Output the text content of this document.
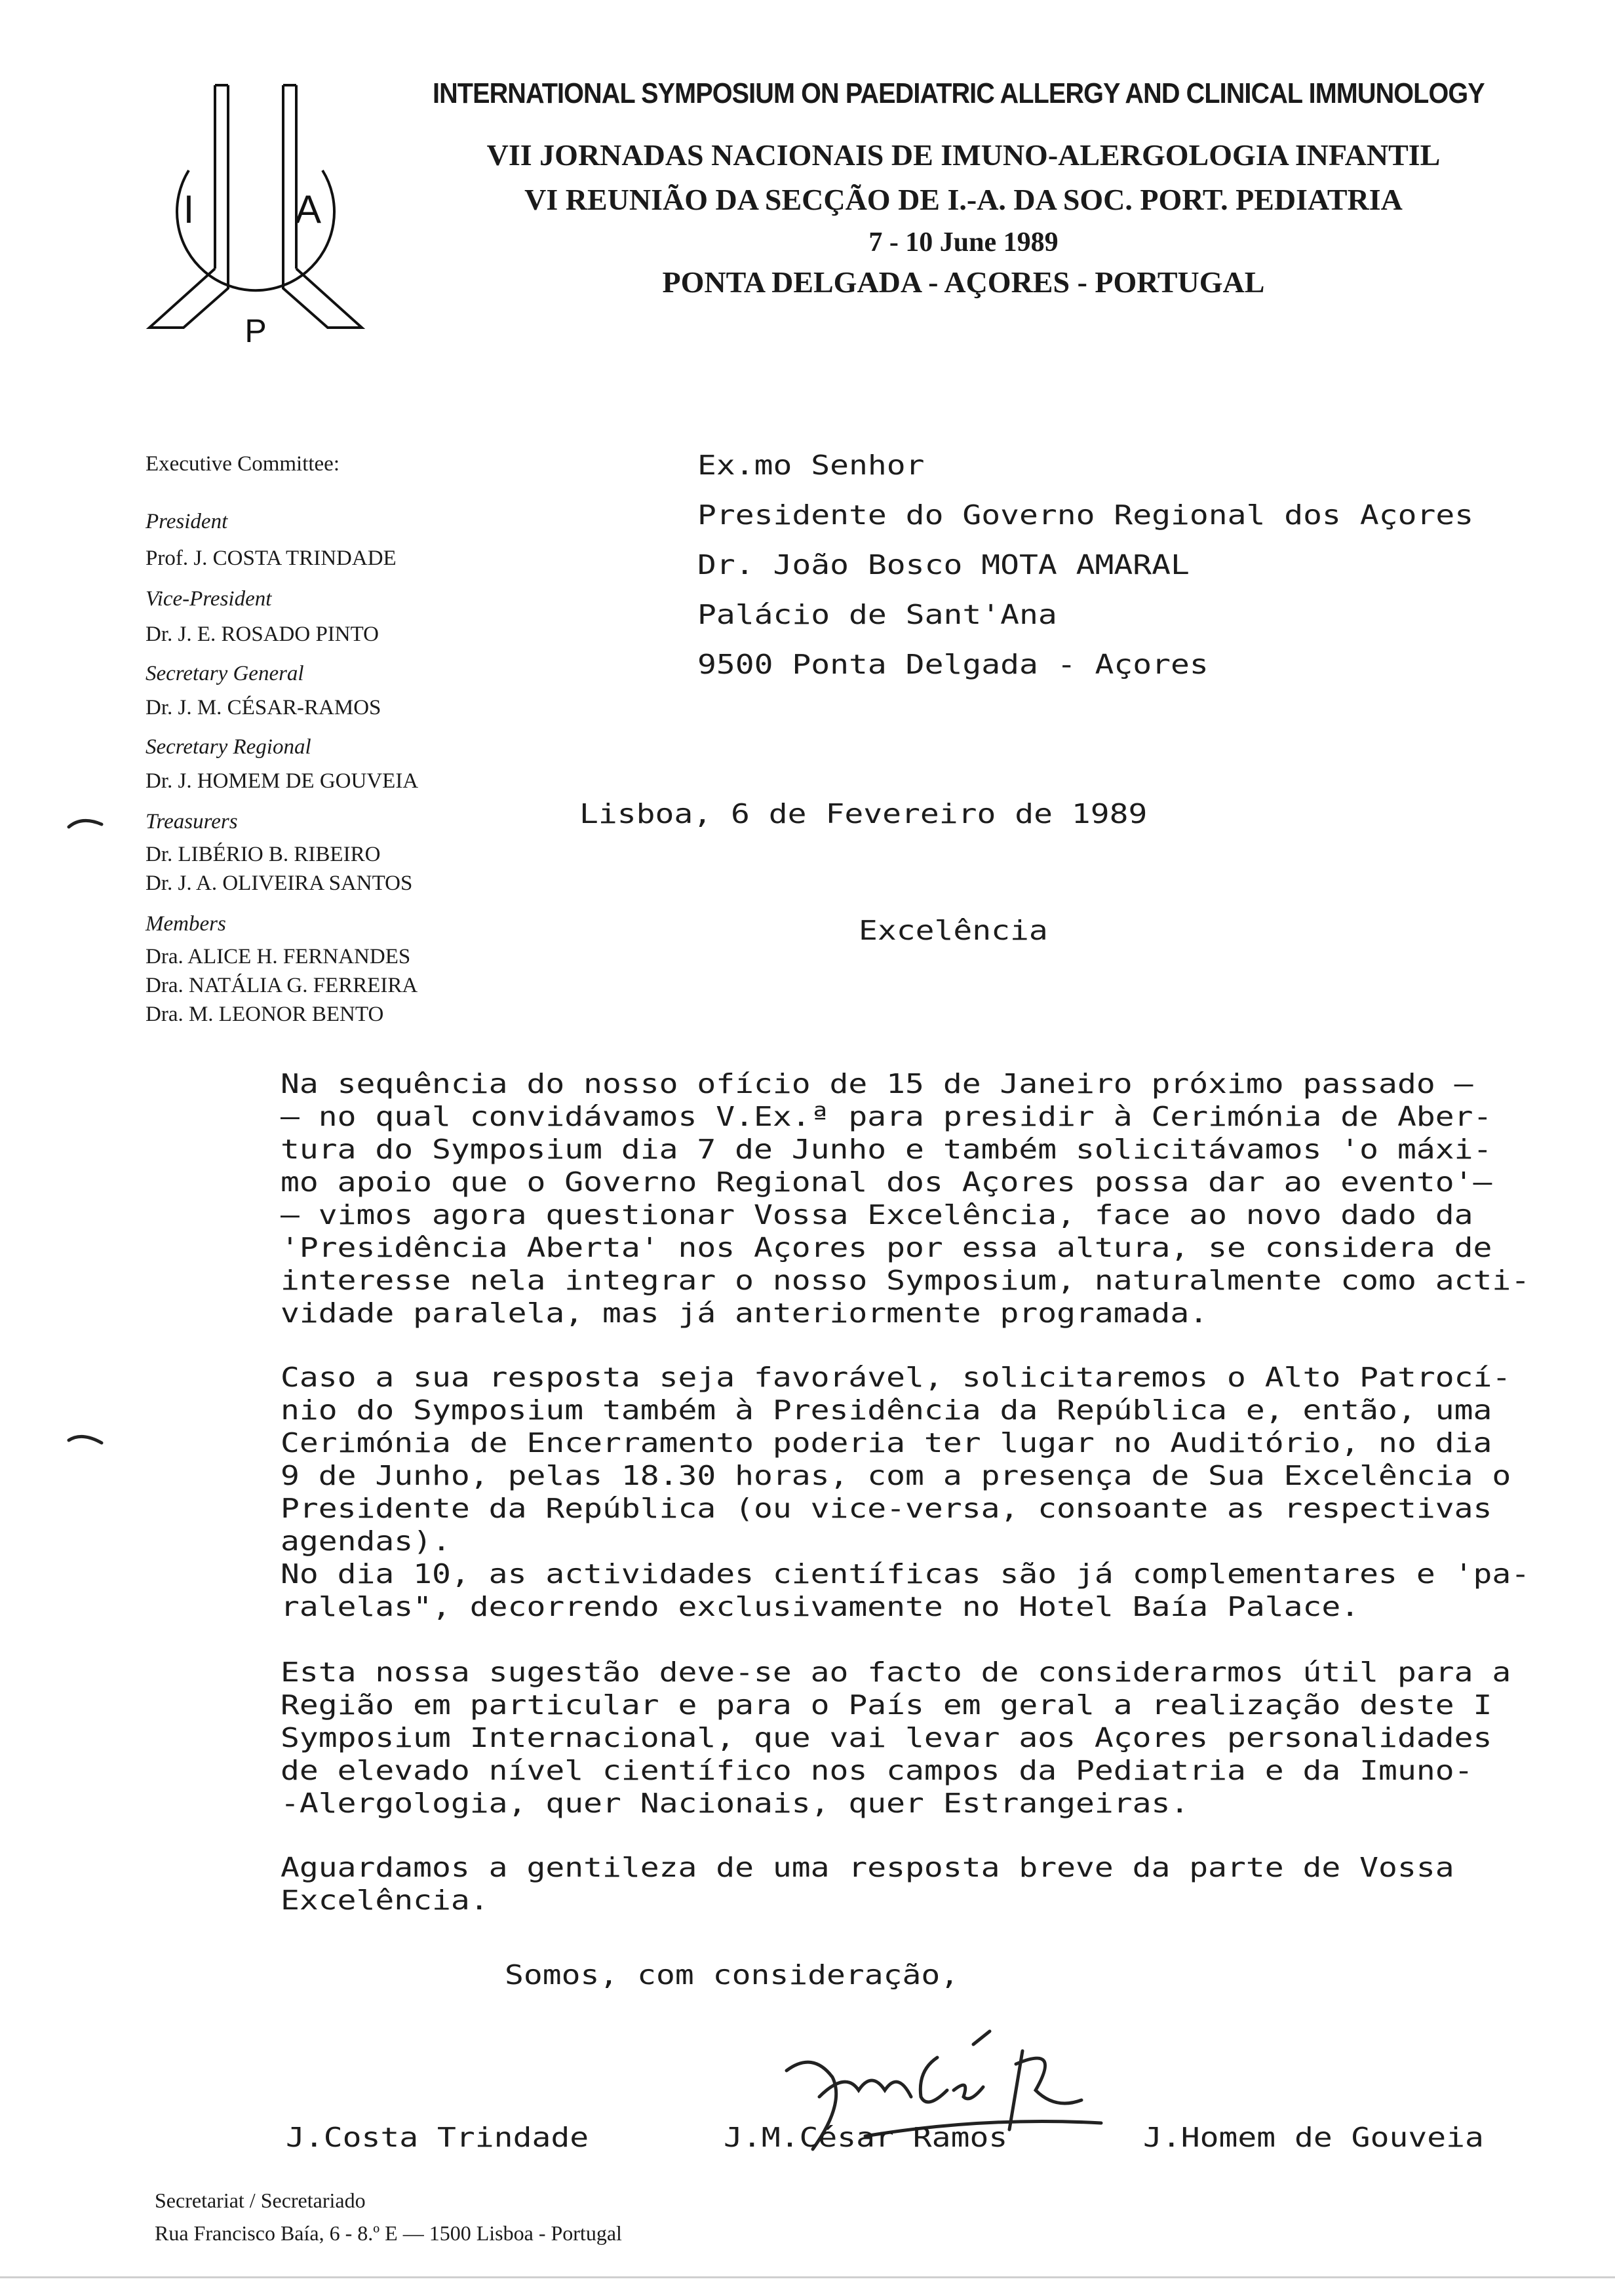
I	A
P
INTERNATIONAL SYMPOSIUM ON PAEDIATRIC ALLERGY AND CLINICAL IMMUNOLOGY
VII JORNADAS NACIONAIS DE IMUNO-ALERGOLOGIA INFANTIL
VI REUNIÃO DA SECÇÃO DE I.-A. DA SOC. PORT. PEDIATRIA
7 - 10 June 1989
PONTA DELGADA - AÇORES - PORTUGAL
Executive Committee:
President
Prof. J. COSTA TRINDADE
Vice-President
Dr. J. E. ROSADO PINTO
Secretary General
Dr. J. M. CÉSAR-RAMOS
Secretary Regional
Dr. J. HOMEM DE GOUVEIA
Treasurers
Dr. LIBÉRIO B. RIBEIRO
Dr. J. A. OLIVEIRA SANTOS
Members
Dra. ALICE H. FERNANDES
Dra. NATÁLIA G. FERREIRA
Dra. M. LEONOR BENTO
Ex.mo Senhor
Presidente do Governo Regional dos Açores
Dr. João Bosco MOTA AMARAL
Palácio de Sant'Ana
9500 Ponta Delgada - Açores
Lisboa, 6 de Fevereiro de 1989
Excelência
Na sequência do nosso ofício de 15 de Janeiro próximo passado —
— no qual convidávamos V.Ex.ª para presidir à Cerimónia de Aber-
tura do Symposium dia 7 de Junho e também solicitávamos 'o máxi-
mo apoio que o Governo Regional dos Açores possa dar ao evento'—
— vimos agora questionar Vossa Excelência, face ao novo dado da
'Presidência Aberta' nos Açores por essa altura, se considera de
interesse nela integrar o nosso Symposium, naturalmente como acti-
vidade paralela, mas já anteriormente programada.
Caso a sua resposta seja favorável, solicitaremos o Alto Patrocí-
nio do Symposium também à Presidência da República e, então, uma
Cerimónia de Encerramento poderia ter lugar no Auditório, no dia
9 de Junho, pelas 18.30 horas, com a presença de Sua Excelência o
Presidente da República (ou vice-versa, consoante as respectivas
agendas).
No dia 10, as actividades científicas são já complementares e 'pa-
ralelas", decorrendo exclusivamente no Hotel Baía Palace.
Esta nossa sugestão deve-se ao facto de considerarmos útil para a
Região em particular e para o País em geral a realização deste I
Symposium Internacional, que vai levar aos Açores personalidades
de elevado nível científico nos campos da Pediatria e da Imuno-
-Alergologia, quer Nacionais, quer Estrangeiras.
Aguardamos a gentileza de uma resposta breve da parte de Vossa
Excelência.
Somos, com consideração,
J.Costa Trindade	J.M.César Ramos	J.Homem de Gouveia
Secretariat / Secretariado
Rua Francisco Baía, 6 - 8.º E — 1500 Lisboa - Portugal
